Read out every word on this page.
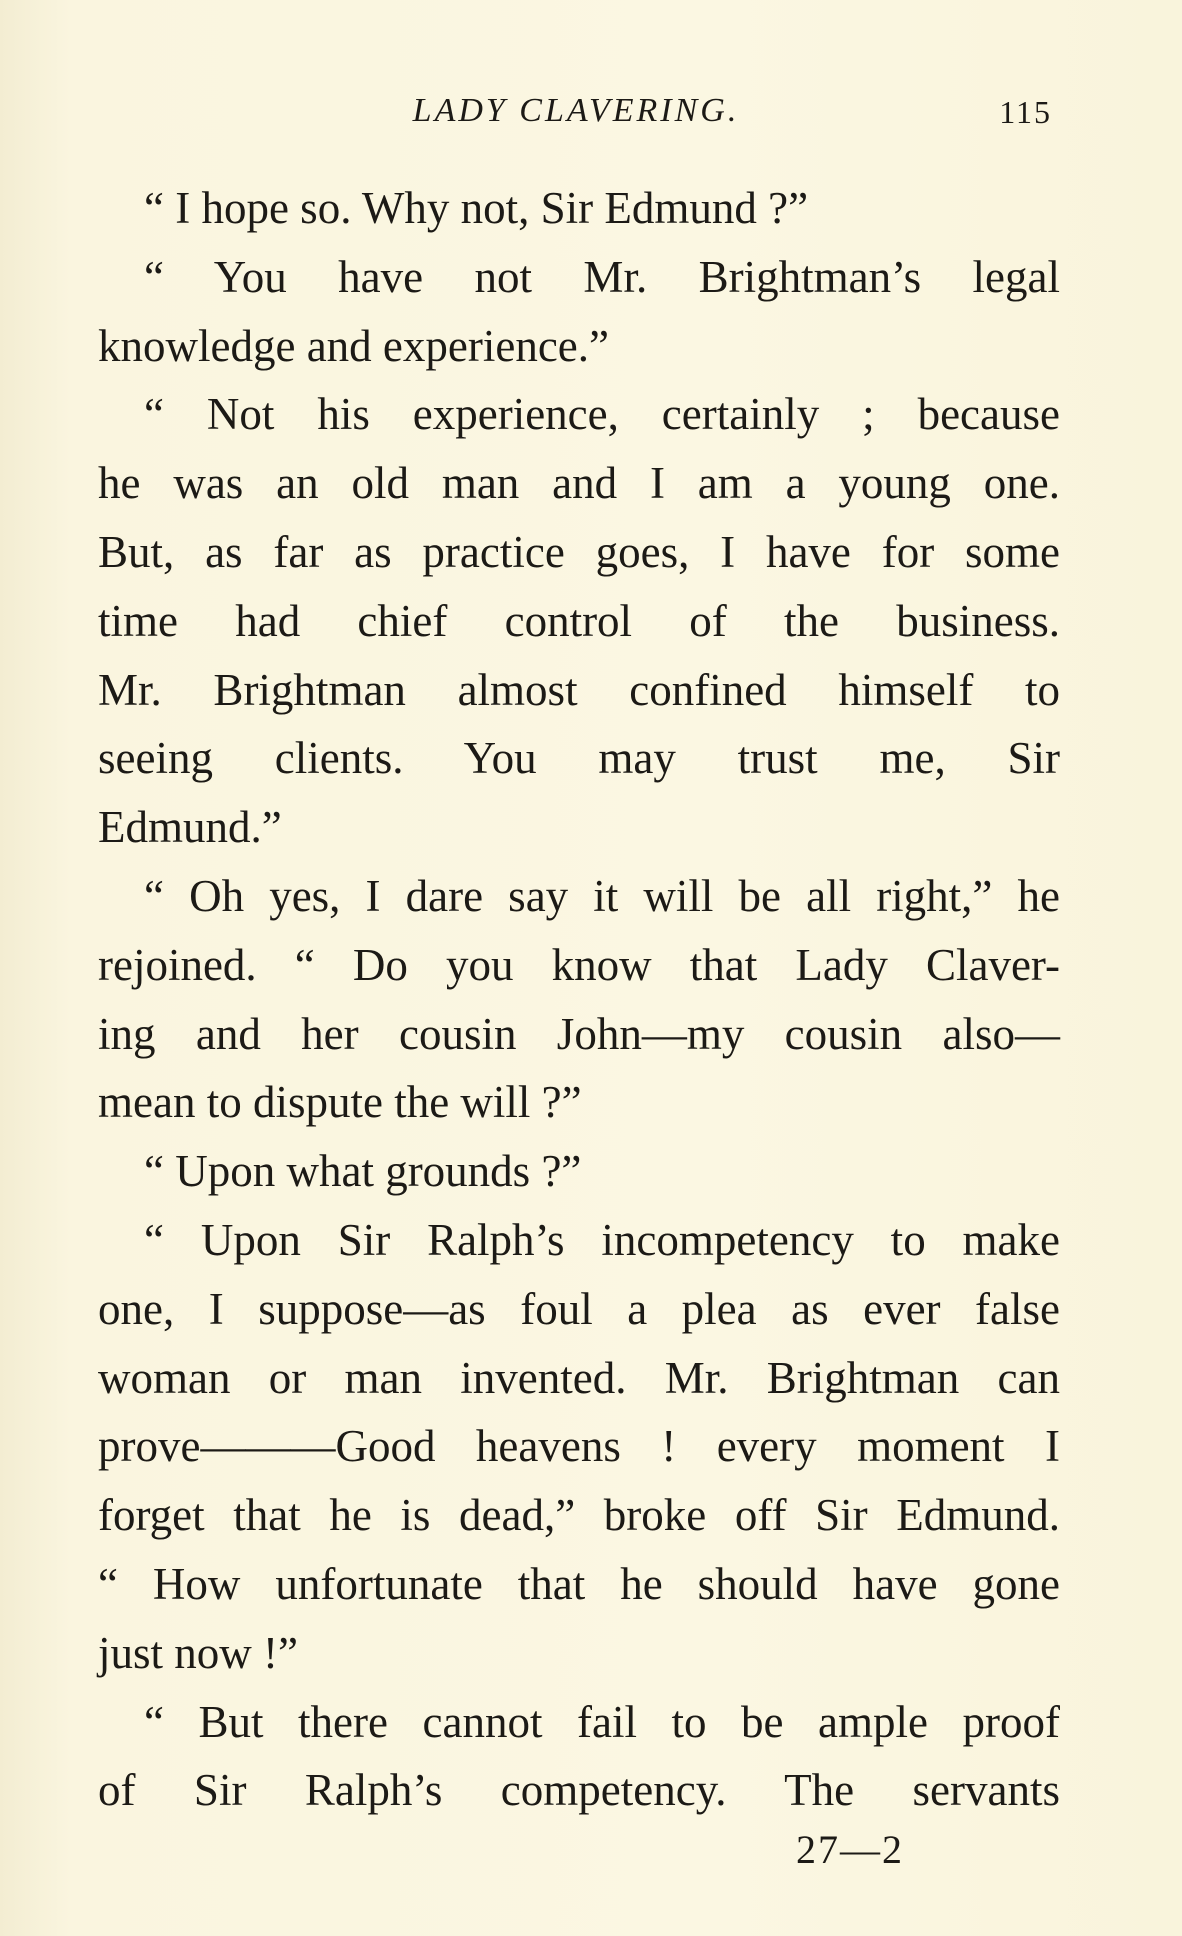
LADY CLAVERING.	115
“ I hope so. Why not, Sir Edmund ?”
“ You have not Mr. Brightman’s legal
knowledge and experience.”
“ Not his experience, certainly ; because
he was an old man and I am a young one.
But, as far as practice goes, I have for some
time had chief control of the business.
Mr. Brightman almost confined himself to
seeing clients. You may trust me, Sir
Edmund.”
“ Oh yes, I dare say it will be all right,” he
rejoined. “ Do you know that Lady Claver-
ing and her cousin John—my cousin also—
mean to dispute the will ?”
“ Upon what grounds ?”
“ Upon Sir Ralph’s incompetency to make
one, I suppose—as foul a plea as ever false
woman or man invented. Mr. Brightman can
prove———Good heavens ! every moment I
forget that he is dead,” broke off Sir Edmund.
“ How unfortunate that he should have gone
just now !”
“ But there cannot fail to be ample proof
of Sir Ralph’s competency. The servants
27—2
